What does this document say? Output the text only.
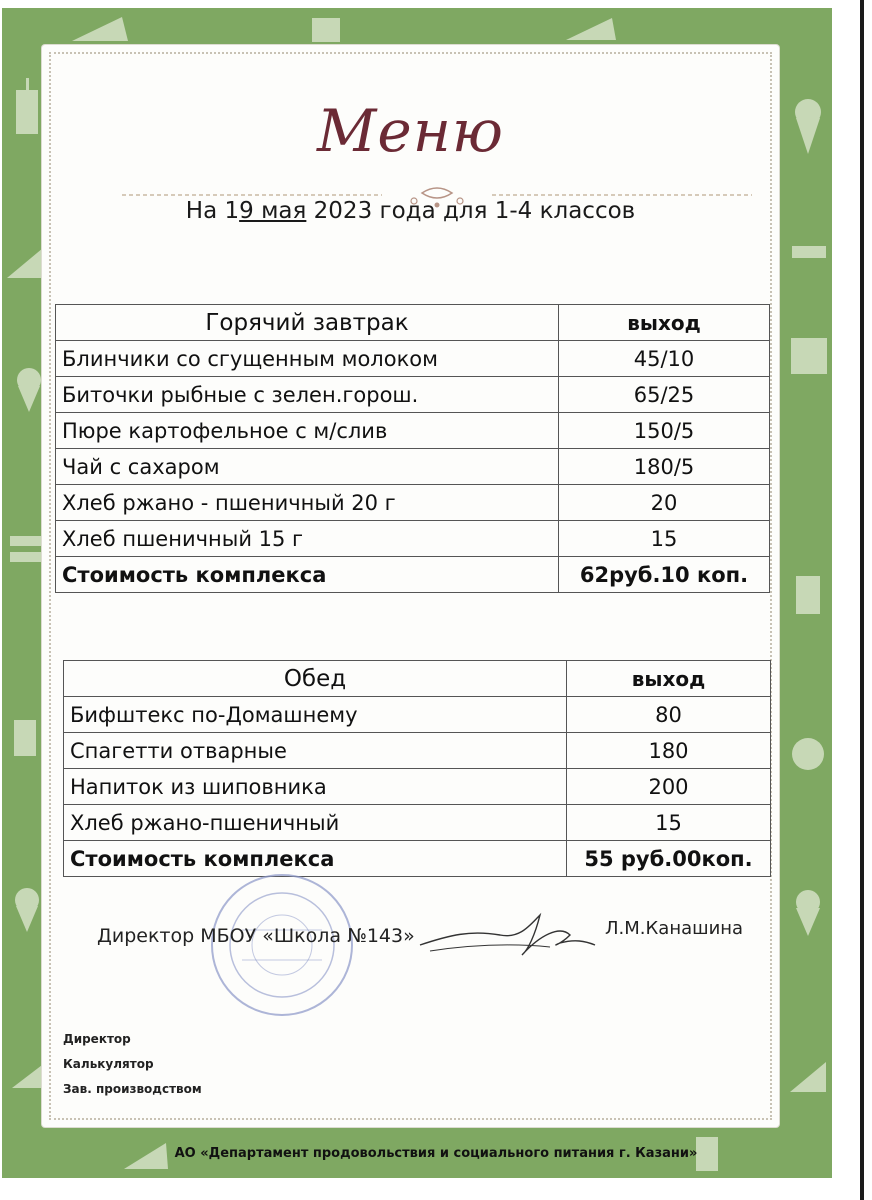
Меню
На 19 мая 2023 года для 1-4 классов
Горячий завтрак	выход
Блинчики со сгущенным молоком	45/10
Биточки рыбные с зелен.горош.	65/25
Пюре картофельное с м/слив	150/5
Чай с сахаром	180/5
Хлеб ржано - пшеничный 20 г	20
Хлеб пшеничный 15 г	15
Стоимость комплекса	62руб.10 коп.
Обед	выход
Бифштекс по-Домашнему	80
Спагетти отварные	180
Напиток из шиповника	200
Хлеб ржано-пшеничный	15
Стоимость комплекса	55 руб.00коп.
Директор МБОУ «Школа №143»	Л.М.Канашина
Директор
Калькулятор
Зав. производством
АО «Департамент продовольствия и социального питания г. Казани»
